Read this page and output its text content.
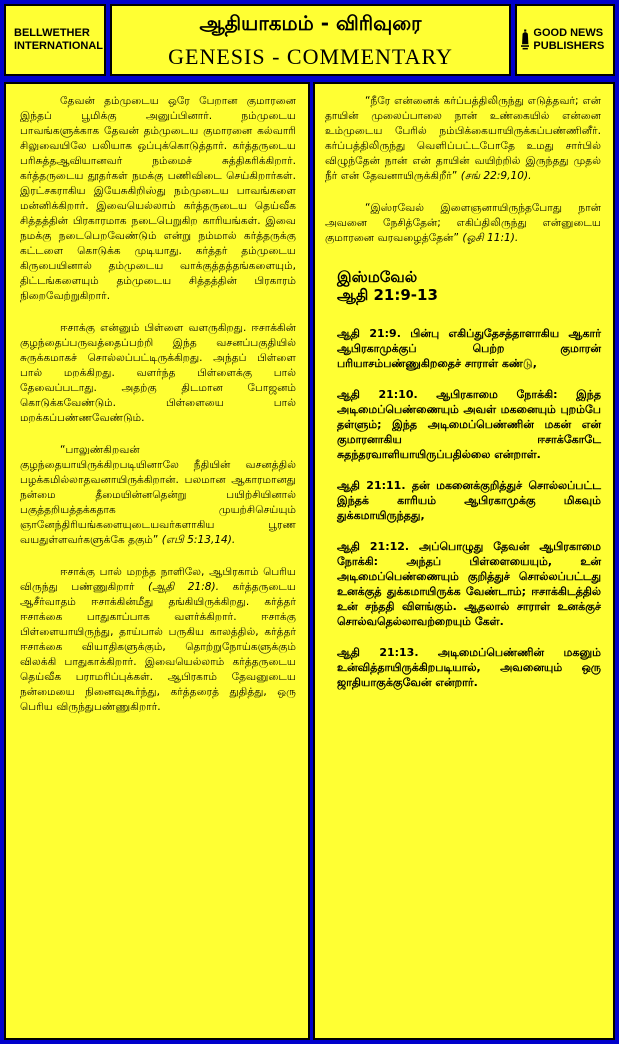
BELLWETHER INTERNATIONAL
ஆதியாகமம் - விரிவுரை
GENESIS - COMMENTARY
GOOD NEWS PUBLISHERS

தேவன் தம்முடைய ஒரே பேறான குமாரனை இந்தப் பூமிக்கு அனுப்பினார். நம்முடைய பாவங்களுக்காக தேவன் தம்முடைய குமாரனை கல்வாரி சிலுவையிலே பலியாக ஒப்புக்கொடுத்தார். கர்த்தருடைய பரிசுத்தஆவியானவர் நம்மைச் சுத்திகரிக்கிறார். கர்த்தருடைய தூதர்கள் நமக்கு பணிவிடை செய்கிறார்கள். இரட்சகராகிய இயேசுகிறிஸ்து நம்முடைய பாவங்களை மன்னிக்கிறார். இவையெல்லாம் கர்த்தருடைய தெய்வீக சித்தத்தின் பிரகாரமாக நடைபெறுகிற காரியங்கள். இவை நமக்கு நடைபெறவேண்டும் என்று நம்மால் கர்த்தருக்கு கட்டளை கொடுக்க முடியாது. கர்த்தர் தம்முடைய கிருபையினால் தம்முடைய வாக்குத்தத்தங்களையும், திட்டங்களையும் தம்முடைய சித்தத்தின் பிரகாரம் நிறைவேற்றுகிறார்.

ஈசாக்கு என்னும் பிள்ளை வளருகிறது. ஈசாக்கின் குழந்தைப்பருவத்தைப்பற்றி இந்த வசனப்பகுதியில் சுருக்கமாகச் சொல்லப்பட்டிருக்கிறது. அந்தப் பிள்ளை பால் மறக்கிறது. வளர்ந்த பிள்ளைக்கு பால் தேவைப்படாது. அதற்கு திடமான போஜனம் கொடுக்கவேண்டும். பிள்ளையை பால் மறக்கப்பண்ணவேண்டும்.

“பாலுண்கிறவன் குழந்தையாயிருக்கிறபடியினாலே நீதியின் வசனத்தில் பழக்கமில்லாதவனாயிருக்கிறான். பலமான ஆகாரமானது நன்மை தீமையின்னதென்று பயிற்சியினால் பகுத்தறியத்தக்கதாக முயற்சிசெய்யும் ஞானேந்திரியங்களையுடையவர்களாகிய பூரண வயதுள்ளவர்களுக்கே தகும்” (எபி 5:13,14).

ஈசாக்கு பால் மறந்த நாளிலே, ஆபிரகாம் பெரிய விருந்து பண்ணுகிறார் (ஆதி 21:8). கர்த்தருடைய ஆசீர்வாதம் ஈசாக்கின்மீது தங்கியிருக்கிறது. கர்த்தர் ஈசாக்கை பாதுகாப்பாக வளர்க்கிறார். ஈசாக்கு பிள்ளையாயிருந்து, தாய்பால் பருகிய காலத்தில், கர்த்தர் ஈசாக்கை வியாதிகளுக்கும், தொற்றுநோய்களுக்கும் விலக்கி பாதுகாக்கிறார். இவையெல்லாம் கர்த்தருடைய தெய்வீக பராமரிப்புக்கள். ஆபிரகாம் தேவனுடைய நன்மையை நினைவுகூர்ந்து, கர்த்தரைத் துதித்து, ஒரு பெரிய விருந்துபண்ணுகிறார்.

“நீரே என்னைக் கர்ப்பத்திலிருந்து எடுத்தவர்; என் தாயின் முலைப்பாலை நான் உண்கையில் என்னை உம்முடைய பேரில் நம்பிக்கையாயிருக்கப்பண்ணினீர். கர்ப்பத்திலிருந்து வெளிப்பட்டபோதே உமது சார்பில் விழுந்தேன் நான் என் தாயின் வயிற்றில் இருந்தது முதல் நீர் என் தேவனாயிருக்கிறீர்” (சங் 22:9,10).

“இஸ்ரவேல் இளைஞனாயிருந்தபோது நான் அவனை நேசித்தேன்; எகிப்திலிருந்து என்னுடைய குமாரனை வரவழைத்தேன்” (ஓசி 11:1).

இஸ்மவேல்
ஆதி 21:9-13

ஆதி 21:9. பின்பு எகிப்துதேசத்தாளாகிய ஆகார் ஆபிரகாமுக்குப் பெற்ற குமாரன் பரியாசம்பண்ணுகிறதைச் சாராள் கண்டு,

ஆதி 21:10. ஆபிரகாமை நோக்கி: இந்த அடிமைப்பெண்ணையும் அவள் மகனையும் புறம்பே தள்ளும்; இந்த அடிமைப்பெண்ணின் மகன் என் குமாரனாகிய ஈசாக்கோடே சுதந்தரவாளியாயிருப்பதில்லை என்றாள்.

ஆதி 21:11. தன் மகனைக்குறித்துச் சொல்லப்பட்ட இந்தக் காரியம் ஆபிரகாமுக்கு மிகவும் துக்கமாயிருந்தது,

ஆதி 21:12. அப்பொழுது தேவன் ஆபிரகாமை நோக்கி: அந்தப் பிள்ளையையும், உன் அடிமைப்பெண்ணையும் குறித்துச் சொல்லப்பட்டது உனக்குத் துக்கமாயிருக்க வேண்டாம்; ஈசாக்கிடத்தில் உன் சந்ததி விளங்கும். ஆதலால் சாராள் உனக்குச் சொல்வதெல்லாவற்றையும் கேள்.

ஆதி 21:13. அடிமைப்பெண்ணின் மகனும் உன்வித்தாயிருக்கிறபடியால், அவனையும் ஒரு ஜாதியாகுக்குவேன் என்றார்.
